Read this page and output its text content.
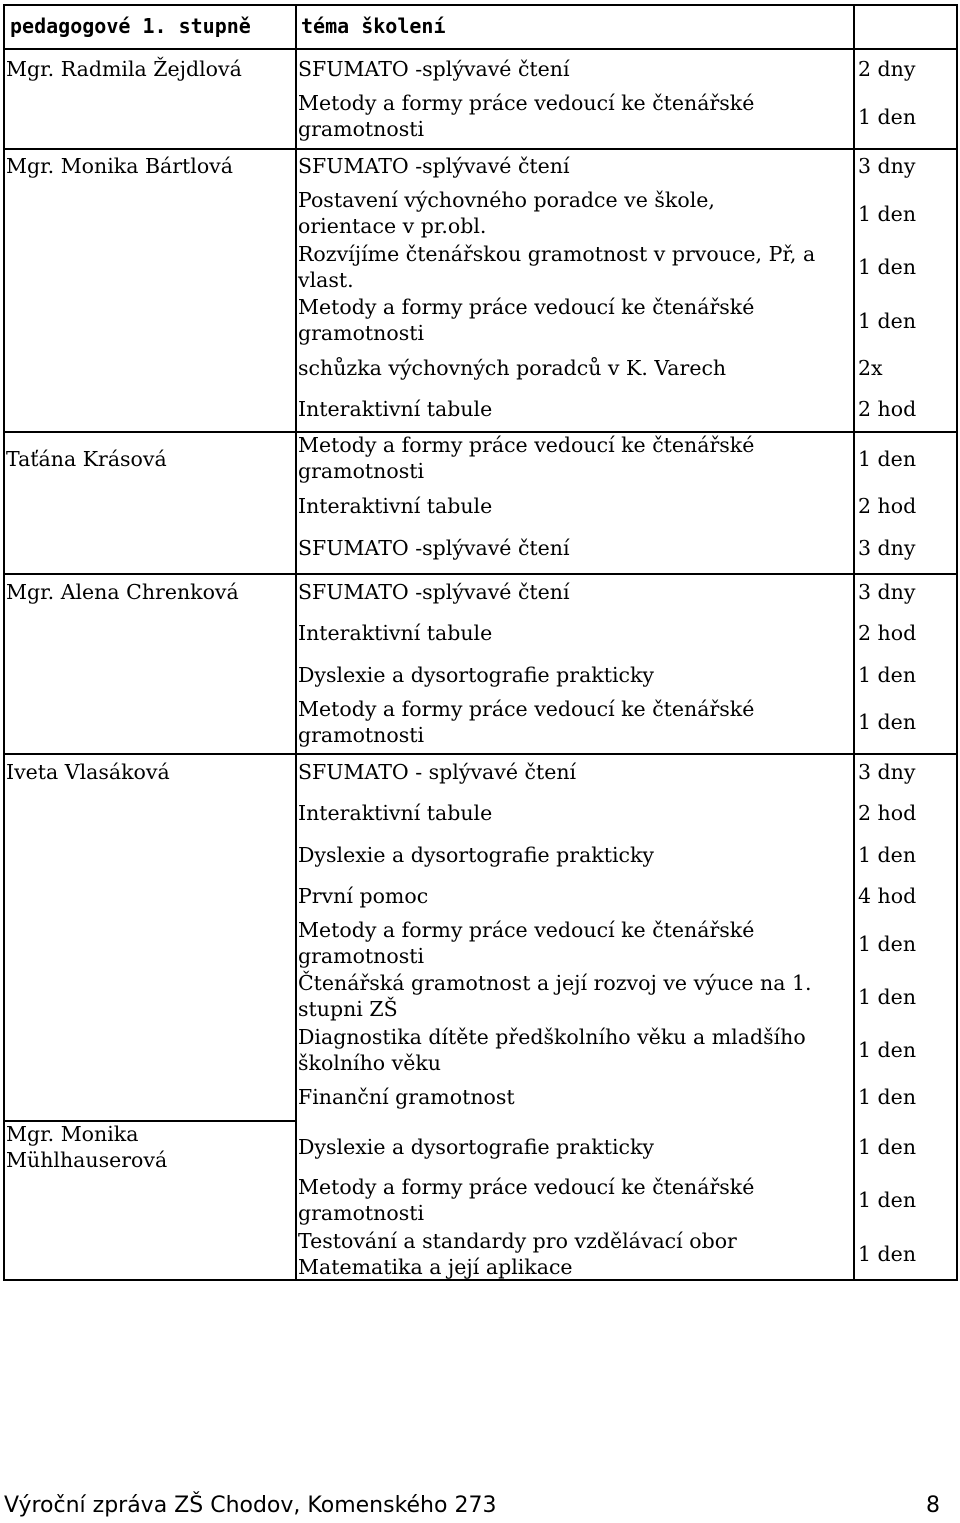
pedagogové 1. stupně	téma školení
Mgr. Radmila Žejdlová
Mgr. Monika Bártlová
Taťána Krásová
Mgr. Alena Chrenková
Iveta Vlasáková
Mgr. Monika Mühlhauserová
SFUMATO -splývavé čtení
Metody a formy práce vedoucí ke čtenářské gramotnosti
SFUMATO -splývavé čtení
Postavení výchovného poradce ve škole, orientace v pr.obl.
Rozvíjíme čtenářskou gramotnost v prvouce, Př, a vlast.
Metody a formy práce vedoucí ke čtenářské gramotnosti
schůzka výchovných poradců v K. Varech
Interaktivní tabule
Metody a formy práce vedoucí ke čtenářské gramotnosti
Interaktivní tabule
SFUMATO -splývavé čtení
SFUMATO -splývavé čtení
Interaktivní tabule
Dyslexie a dysortografie prakticky
Metody a formy práce vedoucí ke čtenářské gramotnosti
SFUMATO - splývavé čtení
Interaktivní tabule
Dyslexie a dysortografie prakticky
První pomoc
Metody a formy práce vedoucí ke čtenářské gramotnosti
Čtenářská gramotnost a její rozvoj ve výuce na 1. stupni ZŠ
Diagnostika dítěte předškolního věku a mladšího školního věku
Finanční gramotnost
Dyslexie a dysortografie prakticky
Metody a formy práce vedoucí ke čtenářské gramotnosti
Testování a standardy pro vzdělávací obor Matematika a její aplikace
2 dny
1 den
3 dny
1 den
1 den
1 den
2x
2 hod
1 den
2 hod
3 dny
3 dny
2 hod
1 den
1 den
3 dny
2 hod
1 den
4 hod
1 den
1 den
1 den
1 den
1 den
1 den
1 den
Výroční zpráva ZŠ Chodov, Komenského 273	8
